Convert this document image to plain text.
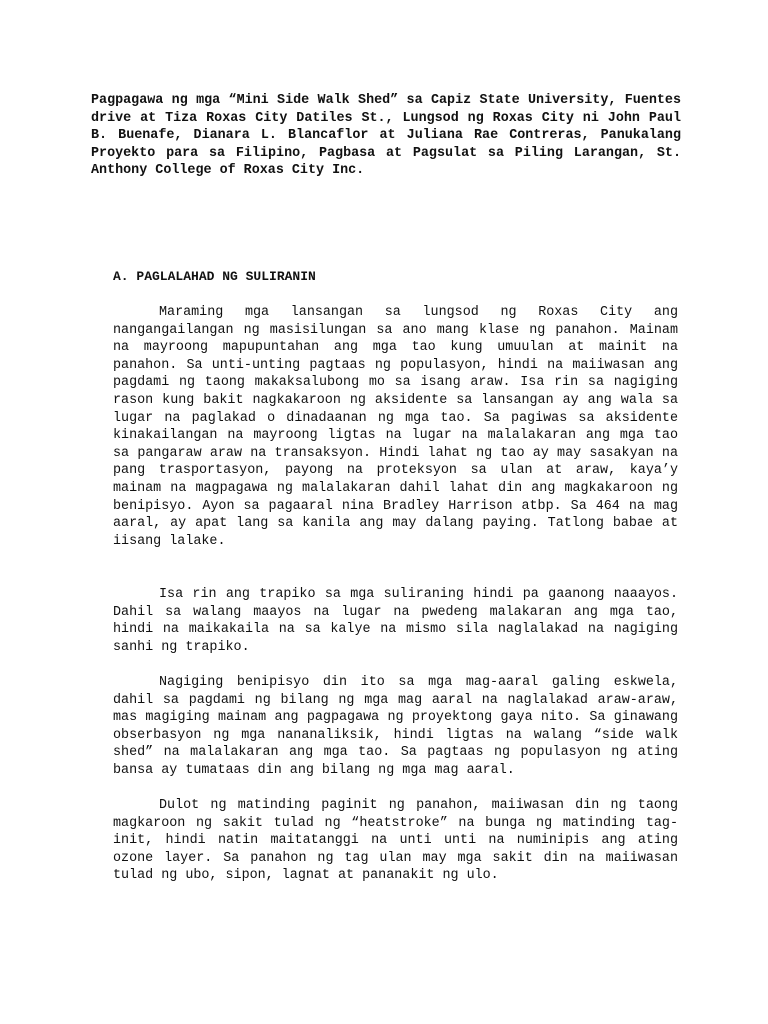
Pagpagawa ng mga “Mini Side Walk Shed” sa Capiz State University, Fuentes drive at Tiza Roxas City Datiles St., Lungsod ng Roxas City ni John Paul B. Buenafe, Dianara L. Blancaflor at Juliana Rae Contreras, Panukalang Proyekto para sa Filipino, Pagbasa at Pagsulat sa Piling Larangan, St. Anthony College of Roxas City Inc.
A. PAGLALAHAD NG SULIRANIN

Maraming mga lansangan sa lungsod ng Roxas City ang nangangailangan ng masisilungan sa ano mang klase ng panahon. Mainam na mayroong mapupuntahan ang mga tao kung umuulan at mainit na panahon. Sa unti-unting pagtaas ng populasyon, hindi na maiiwasan ang pagdami ng taong makaksalubong mo sa isang araw. Isa rin sa nagiging rason kung bakit nagkakaroon ng aksidente sa lansangan ay ang wala sa lugar na paglakad o dinadaanan ng mga tao. Sa pagiwas sa aksidente kinakailangan na mayroong ligtas na lugar na malalakaran ang mga tao sa pangaraw araw na transaksyon. Hindi lahat ng tao ay may sasakyan na pang trasportasyon, payong na proteksyon sa ulan at araw, kaya’y mainam na magpagawa ng malalakaran dahil lahat din ang magkakaroon ng benipisyo. Ayon sa pagaaral nina Bradley Harrison atbp. Sa 464 na mag aaral, ay apat lang sa kanila ang may dalang paying. Tatlong babae at iisang lalake.

Isa rin ang trapiko sa mga suliraning hindi pa gaanong naaayos. Dahil sa walang maayos na lugar na pwedeng malakaran ang mga tao, hindi na maikakaila na sa kalye na mismo sila naglalakad na nagiging sanhi ng trapiko.

Nagiging benipisyo din ito sa mga mag-aaral galing eskwela, dahil sa pagdami ng bilang ng mga mag aaral na naglalakad araw-araw, mas magiging mainam ang pagpagawa ng proyektong gaya nito. Sa ginawang obserbasyon ng mga nananaliksik, hindi ligtas na walang “side walk shed” na malalakaran ang mga tao. Sa pagtaas ng populasyon ng ating bansa ay tumataas din ang bilang ng mga mag aaral.

Dulot ng matinding paginit ng panahon, maiiwasan din ng taong magkaroon ng sakit tulad ng “heatstroke” na bunga ng matinding tag-init, hindi natin maitatanggi na unti unti na numinipis ang ating ozone layer. Sa panahon ng tag ulan may mga sakit din na maiiwasan tulad ng ubo, sipon, lagnat at pananakit ng ulo.
